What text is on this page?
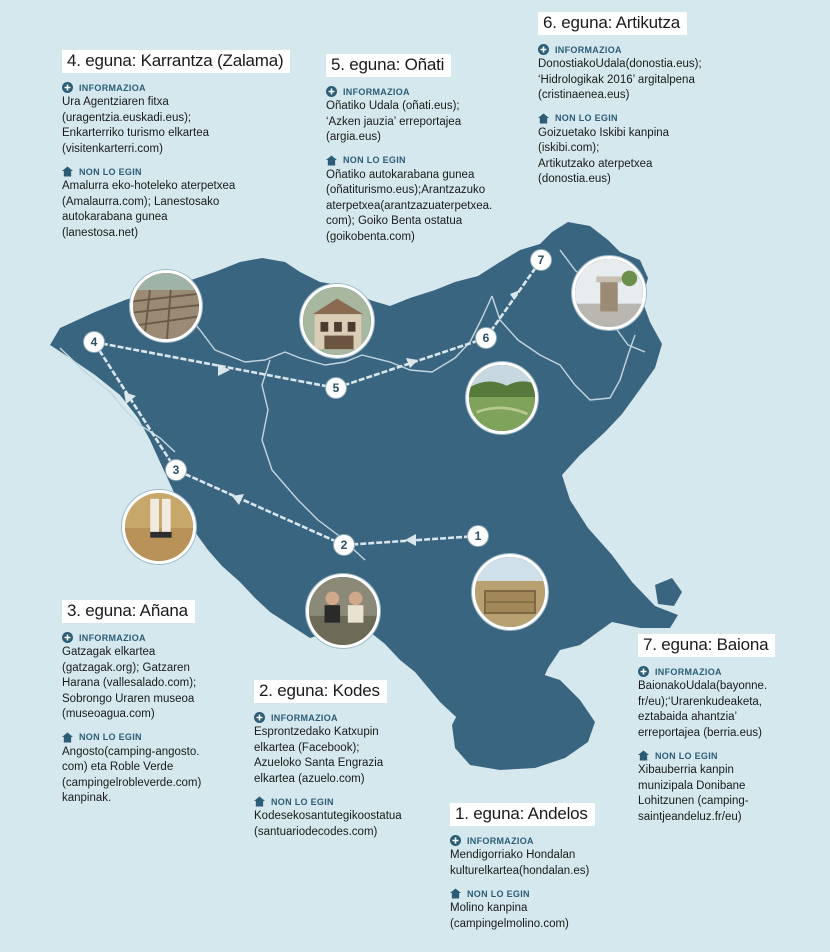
1
2
3
4
5
6
7
4. eguna: Karrantza (Zalama)
INFORMAZIOA
Ura Agentziaren fitxa
(uragentzia.euskadi.eus);
Enkarterriko turismo elkartea
(visitenkarterri.com)
NON LO EGIN
Amalurra eko-hoteleko aterpetxea
(Amalaurra.com); Lanestosako
autokarabana gunea
(lanestosa.net)
5. eguna: Oñati
INFORMAZIOA
Oñatiko Udala (oñati.eus);
‘Azken jauzia’ erreportajea
(argia.eus)
NON LO EGIN
Oñatiko autokarabana gunea
(oñatiturismo.eus);Arantzazuko
aterpetxea(arantzazuaterpetxea.
com); Goiko Benta ostatua
(goikobenta.com)
6. eguna: Artikutza
INFORMAZIOA
DonostiakoUdala(donostia.eus);
‘Hidrologikak 2016’ argitalpena
(cristinaenea.eus)
NON LO EGIN
Goizuetako Iskibi kanpina
(iskibi.com);
Artikutzako aterpetxea
(donostia.eus)
3. eguna: Añana
INFORMAZIOA
Gatzagak elkartea
(gatzagak.org); Gatzaren
Harana (vallesalado.com);
Sobrongo Uraren museoa
(museoagua.com)
NON LO EGIN
Angosto(camping-angosto.
com) eta Roble Verde
(campingelrobleverde.com)
kanpinak.
2. eguna: Kodes
INFORMAZIOA
Esprontzedako Katxupin
elkartea (Facebook);
Azueloko Santa Engrazia
elkartea (azuelo.com)
NON LO EGIN
Kodesekosantutegikoostatua
(santuariodecodes.com)
1. eguna: Andelos
INFORMAZIOA
Mendigorriako Hondalan
kulturelkartea(hondalan.es)
NON LO EGIN
Molino kanpina
(campingelmolino.com)
7. eguna: Baiona
INFORMAZIOA
BaionakoUdala(bayonne.
fr/eu);‘Urarenkudeaketa,
eztabaida ahantzia’
erreportajea (berria.eus)
NON LO EGIN
Xibauberria kanpin
munizipala Donibane
Lohitzunen (camping-
saintjeandeluz.fr/eu)
